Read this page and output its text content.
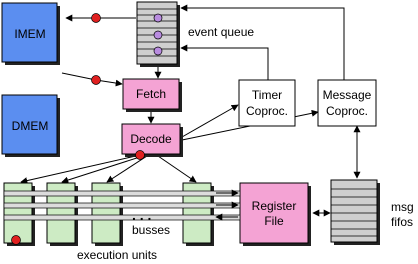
IMEM
DMEM
event queue
Fetch
Decode
Timer
Coproc.
Message
Coproc.
Register
File
. . .
busses
execution units
msg
fifos
